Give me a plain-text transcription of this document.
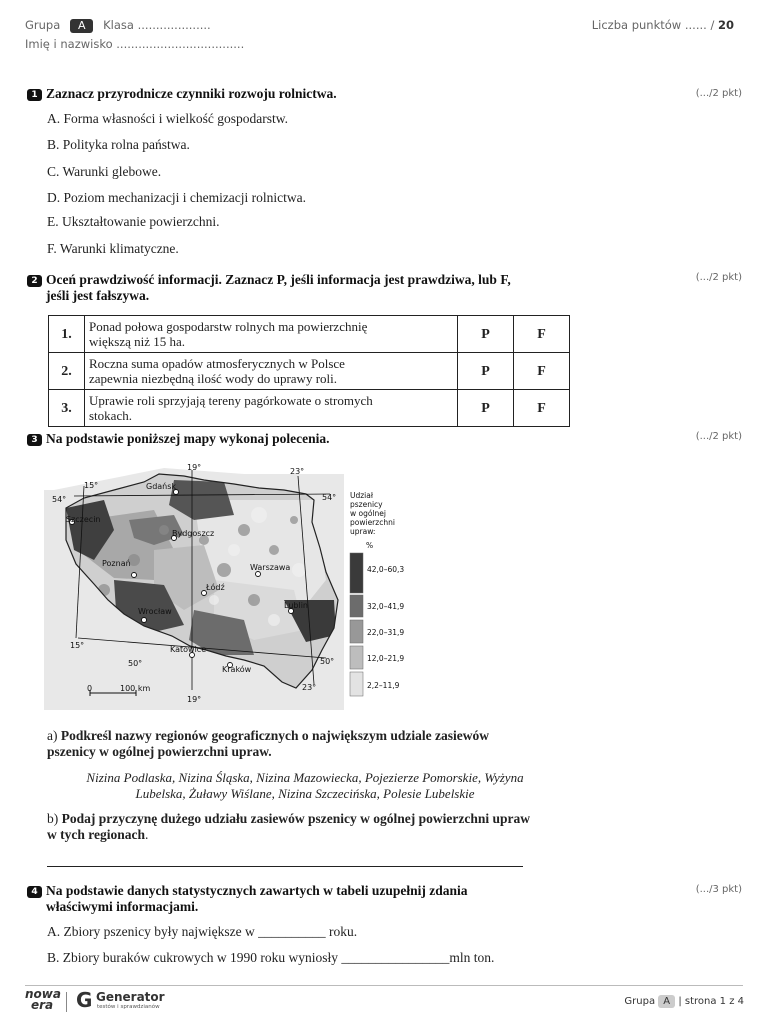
Grupa A Klasa ....................
Imię i nazwisko ...................................
Liczba punktów ...... / 20
1 Zaznacz przyrodnicze czynniki rozwoju rolnictwa.	(.../2 pkt)
A. Forma własności i wielkość gospodarstw.
B. Polityka rolna państwa.
C. Warunki glebowe.
D. Poziom mechanizacji i chemizacji rolnictwa.
E. Ukształtowanie powierzchni.
F. Warunki klimatyczne.
2 Oceń prawdziwość informacji. Zaznacz P, jeśli informacja jest prawdziwa, lub F,
jeśli jest fałszywa.
(.../2 pkt)
1.	Ponad połowa gospodarstw rolnych ma powierzchnię
większą niż 15 ha.	P	F
2.	Roczna suma opadów atmosferycznych w Polsce
zapewnia niezbędną ilość wody do uprawy roli.	P	F
3.	Uprawie roli sprzyjają tereny pagórkowate o stromych
stokach.	P	F
3 Na podstawie poniższej mapy wykonaj polecenia.	(.../2 pkt)
19°	23°
15°
15°
19°
23°
54°	54°
50°	50°
Gdańsk
Szczecin
Bydgoszcz
Poznań	Warszawa
Łódź
Wrocław
Lublin
Katowice
Kraków
0	100 km
Udział
pszenicy
w ogólnej
powierzchni
upraw:
%
42,0–60,3
32,0–41,9
22,0–31,9
12,0–21,9
2,2–11,9
a) Podkreśl nazwy regionów geograficznych o największym udziale zasiewów
pszenicy w ogólnej powierzchni upraw.
Nizina Podlaska, Nizina Śląska, Nizina Mazowiecka, Pojezierze Pomorskie, Wyżyna
Lubelska, Żuławy Wiślane, Nizina Szczecińska, Polesie Lubelskie
b) Podaj przyczynę dużego udziału zasiewów pszenicy w ogólnej powierzchni upraw
w tych regionach.
4 Na podstawie danych statystycznych zawartych w tabeli uzupełnij zdania
właściwymi informacjami.
(.../3 pkt)
A. Zbiory pszenicy były największe w __________ roku.
B. Zbiory buraków cukrowych w 1990 roku wyniosły ________________mln ton.
nowa
era	G Generator
testów i sprawdzianów	Grupa A | strona 1 z 4
